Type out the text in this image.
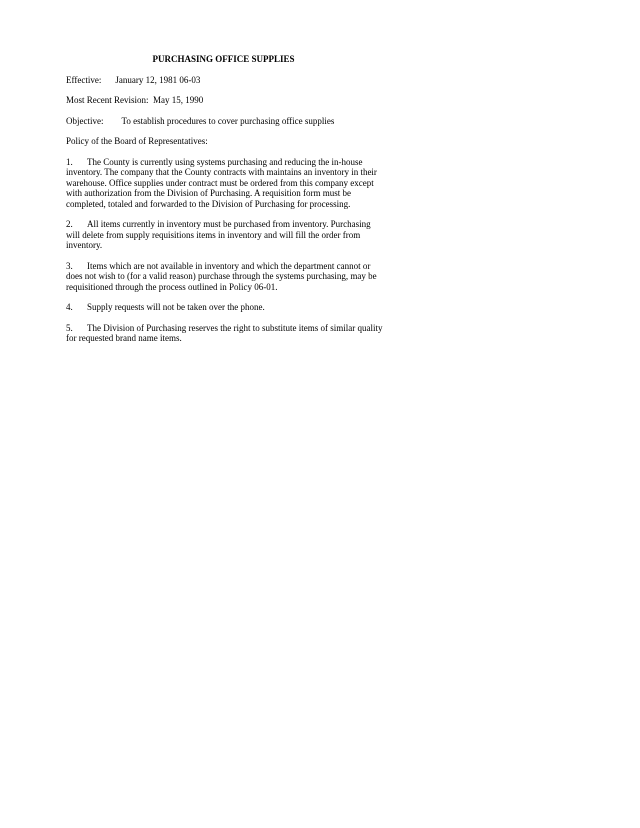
PURCHASING OFFICE SUPPLIES
Effective: January 12, 1981 06-03
Most Recent Revision: May 15, 1990
Objective: To establish procedures to cover purchasing office supplies
Policy of the Board of Representatives:
1. The County is currently using systems purchasing and reducing the in-house inventory. The company that the County contracts with maintains an inventory in their warehouse. Office supplies under contract must be ordered from this company except with authorization from the Division of Purchasing. A requisition form must be completed, totaled and forwarded to the Division of Purchasing for processing.
2. All items currently in inventory must be purchased from inventory. Purchasing will delete from supply requisitions items in inventory and will fill the order from inventory.
3. Items which are not available in inventory and which the department cannot or does not wish to (for a valid reason) purchase through the systems purchasing, may be requisitioned through the process outlined in Policy 06-01.
4. Supply requests will not be taken over the phone.
5. The Division of Purchasing reserves the right to substitute items of similar quality for requested brand name items.
